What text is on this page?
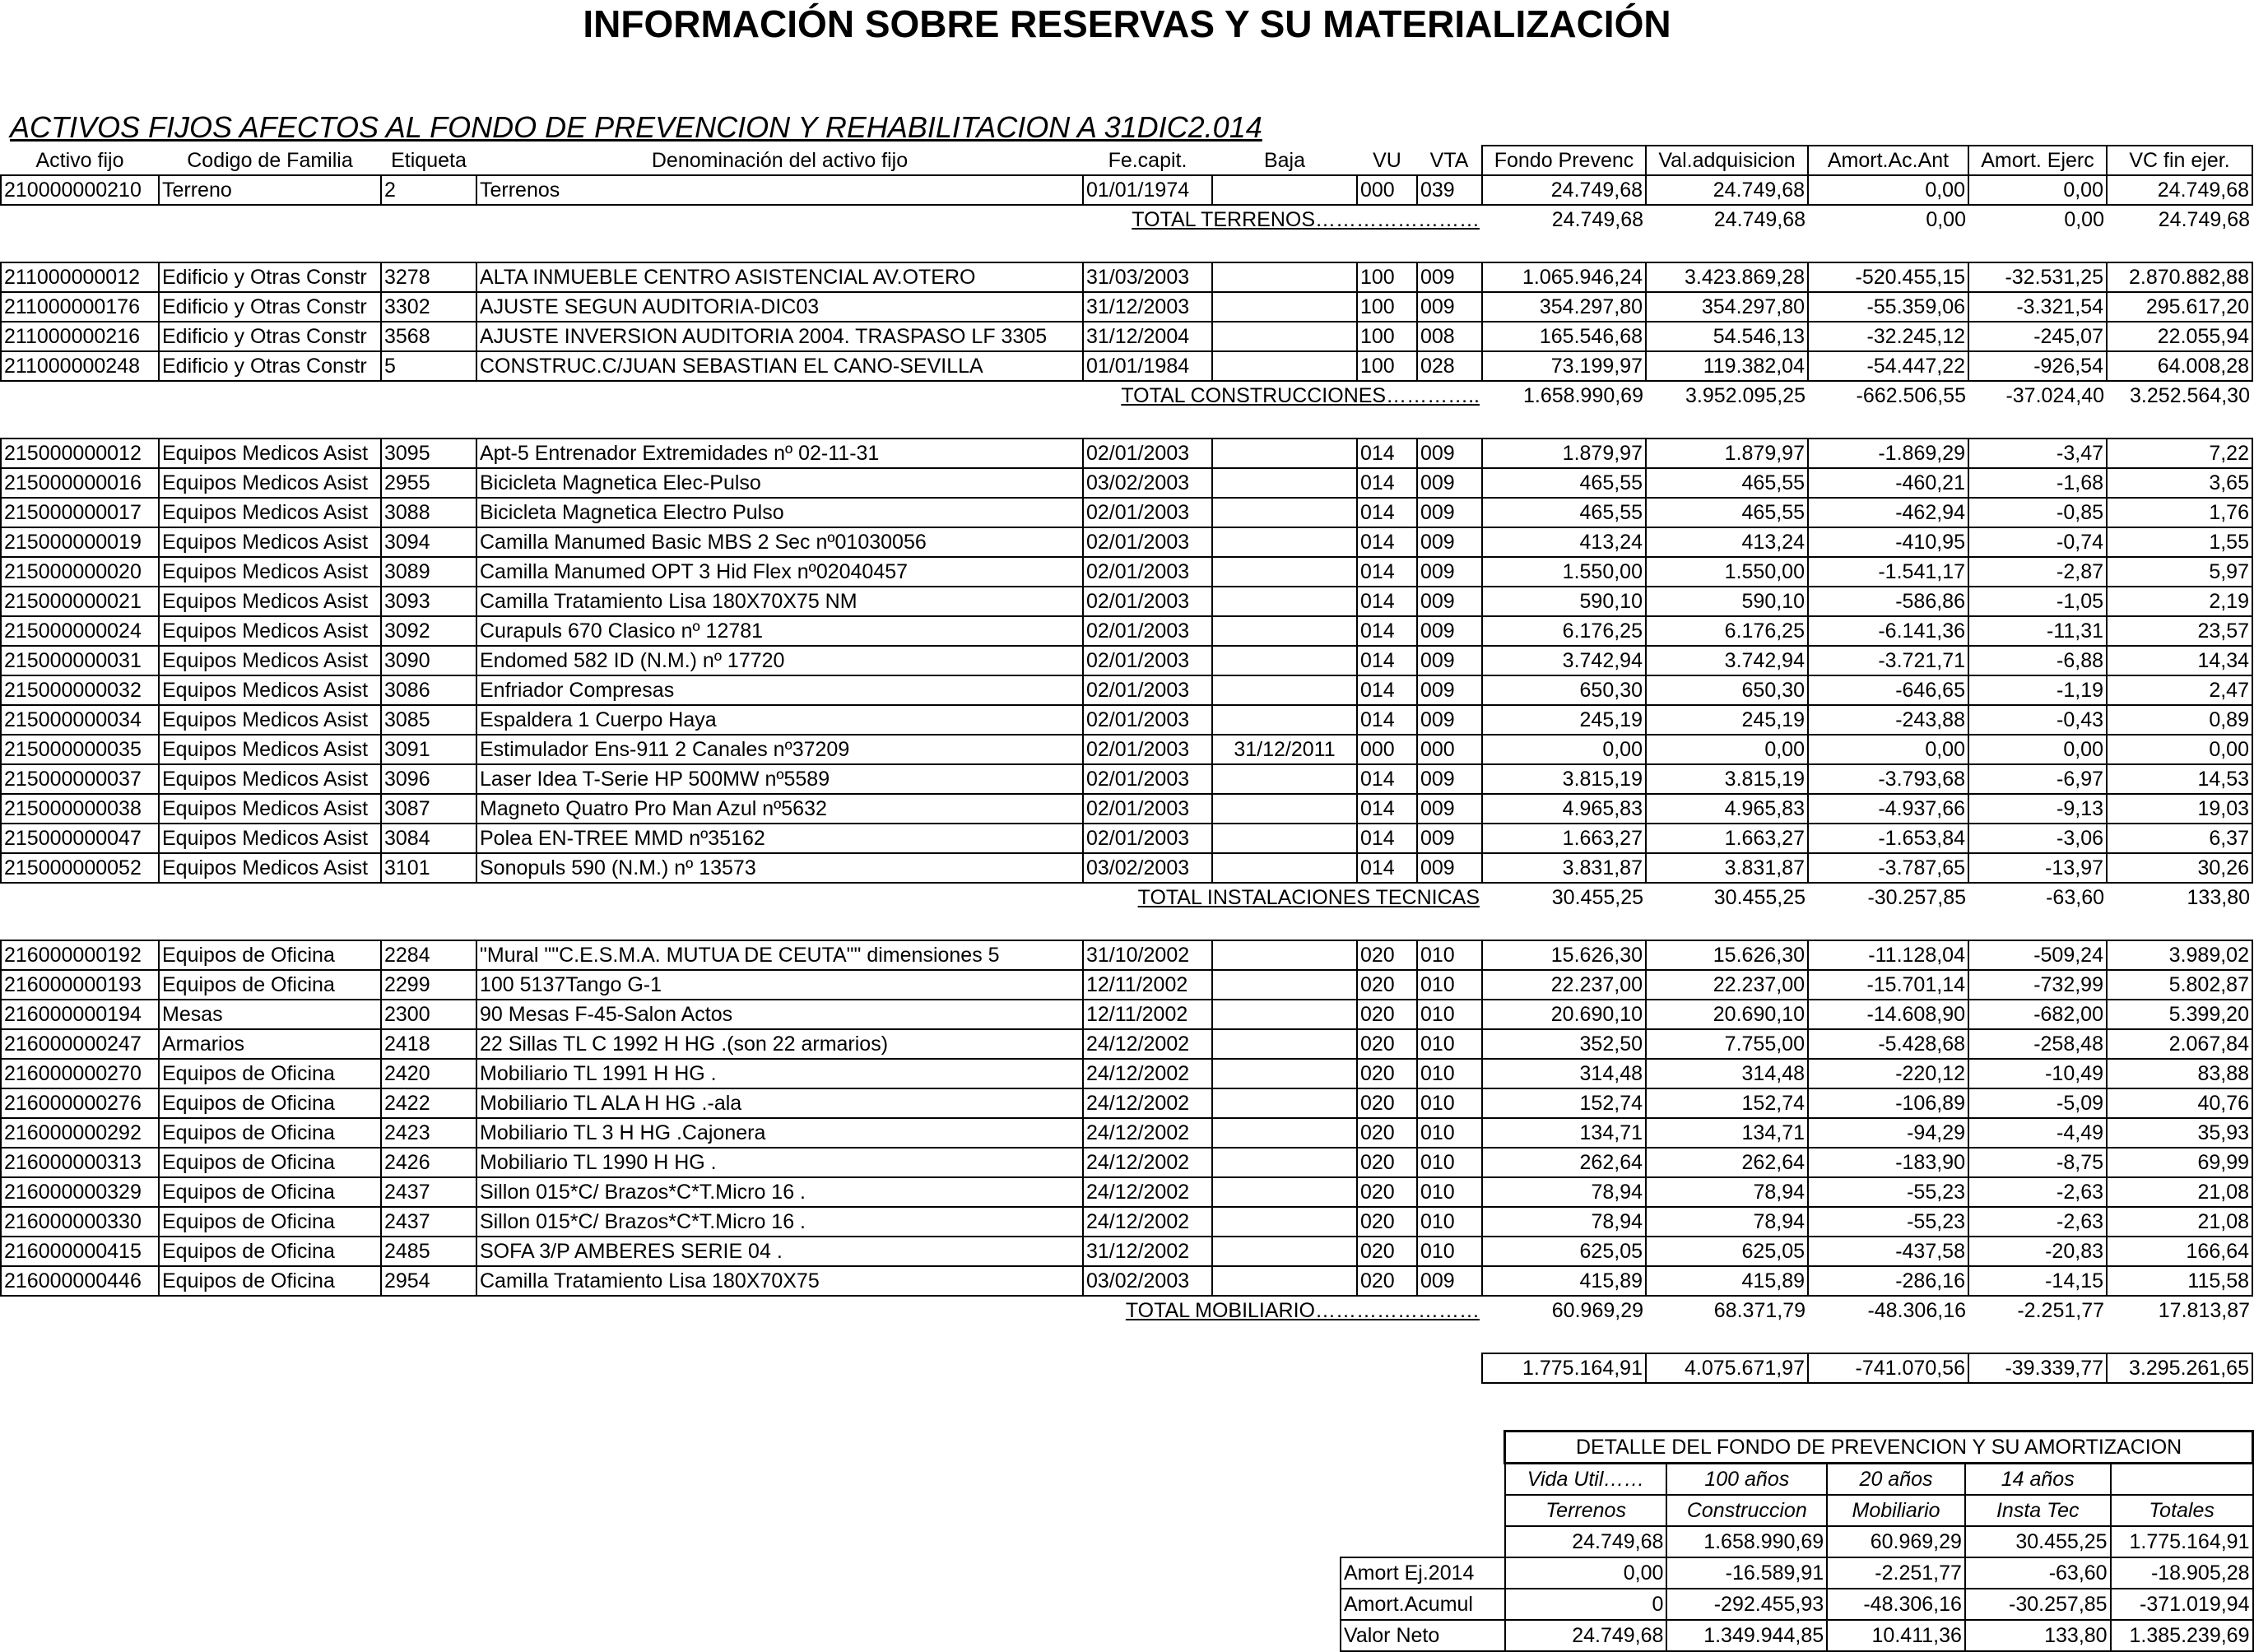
INFORMACIÓN SOBRE RESERVAS Y SU MATERIALIZACIÓN
ACTIVOS FIJOS AFECTOS AL FONDO DE PREVENCION Y REHABILITACION A 31DIC2.014
Activo fijo	Codigo de Familia	Etiqueta	Denominación del activo fijo	Fe.capit.	Baja	VU	VTA	Fondo Prevenc	Val.adquisicion	Amort.Ac.Ant	Amort. Ejerc	VC fin ejer.
210000000210	Terreno	2	Terrenos	01/01/1974		000	039	24.749,68	24.749,68	0,00	0,00	24.749,68
				TOTAL TERRENOS……………………				24.749,68	24.749,68	0,00	0,00	24.749,68

211000000012	Edificio y Otras Constr	3278	ALTA INMUEBLE CENTRO ASISTENCIAL AV.OTERO	31/03/2003		100	009	1.065.946,24	3.423.869,28	-520.455,15	-32.531,25	2.870.882,88
211000000176	Edificio y Otras Constr	3302	AJUSTE SEGUN AUDITORIA-DIC03	31/12/2003		100	009	354.297,80	354.297,80	-55.359,06	-3.321,54	295.617,20
211000000216	Edificio y Otras Constr	3568	AJUSTE INVERSION AUDITORIA 2004. TRASPASO LF 3305	31/12/2004		100	008	165.546,68	54.546,13	-32.245,12	-245,07	22.055,94
211000000248	Edificio y Otras Constr	5	CONSTRUC.C/JUAN SEBASTIAN EL CANO-SEVILLA	01/01/1984		100	028	73.199,97	119.382,04	-54.447,22	-926,54	64.008,28
				TOTAL CONSTRUCCIONES…………..				1.658.990,69	3.952.095,25	-662.506,55	-37.024,40	3.252.564,30

215000000012	Equipos Medicos Asist	3095	Apt-5 Entrenador Extremidades nº 02-11-31	02/01/2003		014	009	1.879,97	1.879,97	-1.869,29	-3,47	7,22
215000000016	Equipos Medicos Asist	2955	Bicicleta Magnetica Elec-Pulso	03/02/2003		014	009	465,55	465,55	-460,21	-1,68	3,65
215000000017	Equipos Medicos Asist	3088	Bicicleta Magnetica Electro Pulso	02/01/2003		014	009	465,55	465,55	-462,94	-0,85	1,76
215000000019	Equipos Medicos Asist	3094	Camilla Manumed Basic MBS 2 Sec nº01030056	02/01/2003		014	009	413,24	413,24	-410,95	-0,74	1,55
215000000020	Equipos Medicos Asist	3089	Camilla Manumed OPT 3 Hid Flex nº02040457	02/01/2003		014	009	1.550,00	1.550,00	-1.541,17	-2,87	5,97
215000000021	Equipos Medicos Asist	3093	Camilla Tratamiento Lisa 180X70X75 NM	02/01/2003		014	009	590,10	590,10	-586,86	-1,05	2,19
215000000024	Equipos Medicos Asist	3092	Curapuls 670 Clasico nº 12781	02/01/2003		014	009	6.176,25	6.176,25	-6.141,36	-11,31	23,57
215000000031	Equipos Medicos Asist	3090	Endomed 582 ID (N.M.) nº 17720	02/01/2003		014	009	3.742,94	3.742,94	-3.721,71	-6,88	14,34
215000000032	Equipos Medicos Asist	3086	Enfriador Compresas	02/01/2003		014	009	650,30	650,30	-646,65	-1,19	2,47
215000000034	Equipos Medicos Asist	3085	Espaldera 1 Cuerpo Haya	02/01/2003		014	009	245,19	245,19	-243,88	-0,43	0,89
215000000035	Equipos Medicos Asist	3091	Estimulador Ens-911 2 Canales nº37209	02/01/2003	31/12/2011	000	000	0,00	0,00	0,00	0,00	0,00
215000000037	Equipos Medicos Asist	3096	Laser Idea T-Serie HP 500MW nº5589	02/01/2003		014	009	3.815,19	3.815,19	-3.793,68	-6,97	14,53
215000000038	Equipos Medicos Asist	3087	Magneto Quatro Pro Man Azul nº5632	02/01/2003		014	009	4.965,83	4.965,83	-4.937,66	-9,13	19,03
215000000047	Equipos Medicos Asist	3084	Polea EN-TREE MMD nº35162	02/01/2003		014	009	1.663,27	1.663,27	-1.653,84	-3,06	6,37
215000000052	Equipos Medicos Asist	3101	Sonopuls 590 (N.M.) nº 13573	03/02/2003		014	009	3.831,87	3.831,87	-3.787,65	-13,97	30,26
				TOTAL INSTALACIONES TECNICAS				30.455,25	30.455,25	-30.257,85	-63,60	133,80

216000000192	Equipos de Oficina	2284	"Mural ""C.E.S.M.A. MUTUA DE CEUTA"" dimensiones 5	31/10/2002		020	010	15.626,30	15.626,30	-11.128,04	-509,24	3.989,02
216000000193	Equipos de Oficina	2299	100 5137Tango G-1	12/11/2002		020	010	22.237,00	22.237,00	-15.701,14	-732,99	5.802,87
216000000194	Mesas	2300	90 Mesas F-45-Salon Actos	12/11/2002		020	010	20.690,10	20.690,10	-14.608,90	-682,00	5.399,20
216000000247	Armarios	2418	22 Sillas TL C 1992 H HG .(son 22 armarios)	24/12/2002		020	010	352,50	7.755,00	-5.428,68	-258,48	2.067,84
216000000270	Equipos de Oficina	2420	Mobiliario TL 1991 H HG .	24/12/2002		020	010	314,48	314,48	-220,12	-10,49	83,88
216000000276	Equipos de Oficina	2422	Mobiliario TL ALA H HG .-ala	24/12/2002		020	010	152,74	152,74	-106,89	-5,09	40,76
216000000292	Equipos de Oficina	2423	Mobiliario TL 3 H HG .Cajonera	24/12/2002		020	010	134,71	134,71	-94,29	-4,49	35,93
216000000313	Equipos de Oficina	2426	Mobiliario TL 1990 H HG .	24/12/2002		020	010	262,64	262,64	-183,90	-8,75	69,99
216000000329	Equipos de Oficina	2437	Sillon 015*C/ Brazos*C*T.Micro 16 .	24/12/2002		020	010	78,94	78,94	-55,23	-2,63	21,08
216000000330	Equipos de Oficina	2437	Sillon 015*C/ Brazos*C*T.Micro 16 .	24/12/2002		020	010	78,94	78,94	-55,23	-2,63	21,08
216000000415	Equipos de Oficina	2485	SOFA 3/P AMBERES SERIE 04 .	31/12/2002		020	010	625,05	625,05	-437,58	-20,83	166,64
216000000446	Equipos de Oficina	2954	Camilla Tratamiento Lisa 180X70X75	03/02/2003		020	009	415,89	415,89	-286,16	-14,15	115,58
				TOTAL MOBILIARIO……………………				60.969,29	68.371,79	-48.306,16	-2.251,77	17.813,87

								1.775.164,91	4.075.671,97	-741.070,56	-39.339,77	3.295.261,65
	DETALLE DEL FONDO DE PREVENCION Y SU AMORTIZACION				
	Vida Util……	100 años	20 años	14 años	
	Terrenos	Construccion	Mobiliario	Insta Tec	Totales
	24.749,68	1.658.990,69	60.969,29	30.455,25	1.775.164,91
Amort Ej.2014	0,00	-16.589,91	-2.251,77	-63,60	-18.905,28
Amort.Acumul	0	-292.455,93	-48.306,16	-30.257,85	-371.019,94
Valor Neto	24.749,68	1.349.944,85	10.411,36	133,80	1.385.239,69
